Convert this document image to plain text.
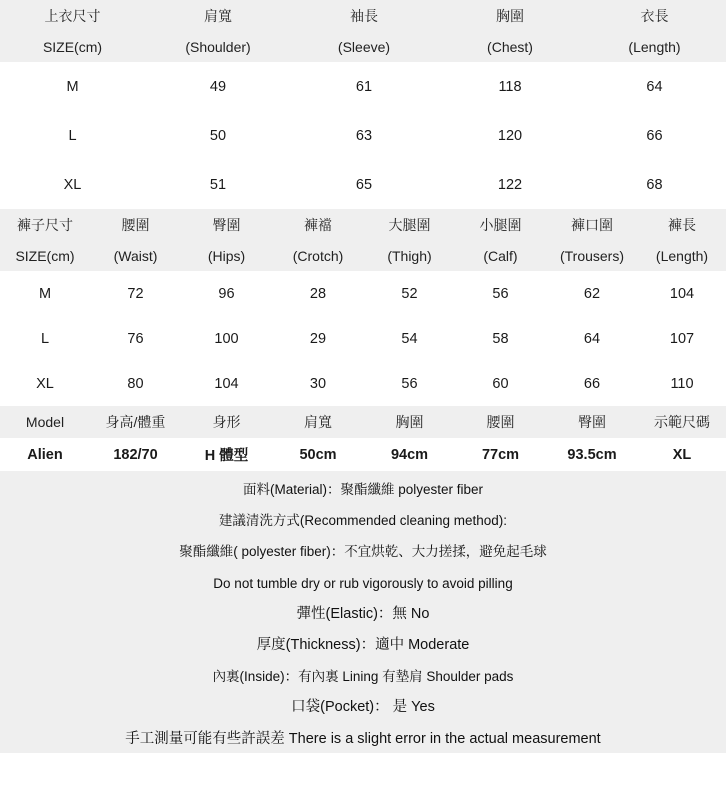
上衣尺寸	肩寬	袖長	胸圍	衣長
SIZE(cm)	(Shoulder)	(Sleeve)	(Chest)	(Length)
M	49	61	118	64
L	50	63	120	66
XL	51	65	122	68
褲子尺寸	腰圍	臀圍	褲襠	大腿圍	小腿圍	褲口圍	褲長
SIZE(cm)	(Waist)	(Hips)	(Crotch)	(Thigh)	(Calf)	(Trousers)	(Length)
M	72	96	28	52	56	62	104
L	76	100	29	54	58	64	107
XL	80	104	30	56	60	66	110
Model	身高/體重	身形	肩寬	胸圍	腰圍	臀圍	示範尺碼
Alien	182/70	H 體型	50cm	94cm	77cm	93.5cm	XL
面料(Material)：聚酯纖維 polyester fiber
建議清洗方式(Recommended cleaning method):
聚酯纖維( polyester fiber)：不宜烘乾、大力搓揉，避免起毛球
Do not tumble dry or rub vigorously to avoid pilling
彈性(Elastic)：無 No
厚度(Thickness)：適中 Moderate
內裏(Inside)：有內裏 Lining 有墊肩 Shoulder pads
口袋(Pocket)： 是 Yes
手工測量可能有些許誤差 There is a slight error in the actual measurement
